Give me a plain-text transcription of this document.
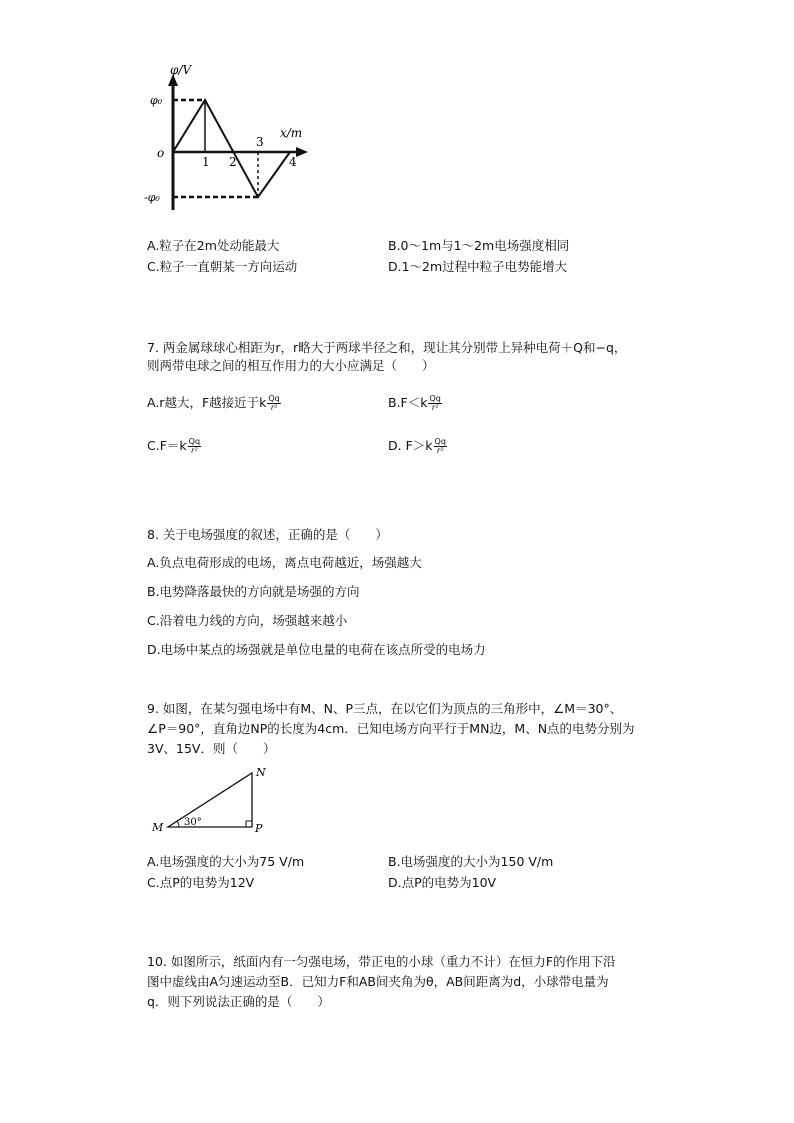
φ/V
x/m
φ₀
-φ₀
o
1 2
3
4
A.粒子在2m处动能最大	B.0～1m与1～2m电场强度相同
C.粒子一直朝某一方向运动	D.1～2m过程中粒子电势能增大
7. 两金属球球心相距为r，r略大于两球半径之和，现让其分别带上异种电荷＋Q和−q，
则两带电球之间的相互作用力的大小应满足（　　）
A.r越大，F越接近于k $\frac{Qq}{\text{r²}}$	$B.F<k \frac{Qq}{\text{r²}}$
$C.F=k \frac{Qq}{\text{r²}}$	D. $F>k \frac{Qq}{\text{r²}}$
8. 关于电场强度的叙述，正确的是（　　）
A.负点电荷形成的电场，离点电荷越近，场强越大
B.电势降落最快的方向就是场强的方向
C.沿着电力线的方向，场强越来越小
D.电场中某点的场强就是单位电量的电荷在该点所受的电场力
9. 如图，在某匀强电场中有M、N、P三点，在以它们为顶点的三角形中，∠M＝30°、
∠P＝90°，直角边NP的长度为4cm．已知电场方向平行于MN边，M、N点的电势分别为
3V、15V．则（　　）
30°
M
N
P
A.电场强度的大小为75 V/m	B.电场强度的大小为150 V/m
C.点P的电势为12V	D.点P的电势为10V
10. 如图所示，纸面内有一匀强电场，带正电的小球（重力不计）在恒力F的作用下沿
图中虚线由A匀速运动至B．已知力F和AB间夹角为θ，AB间距离为d，小球带电量为
q．则下列说法正确的是（　　）
